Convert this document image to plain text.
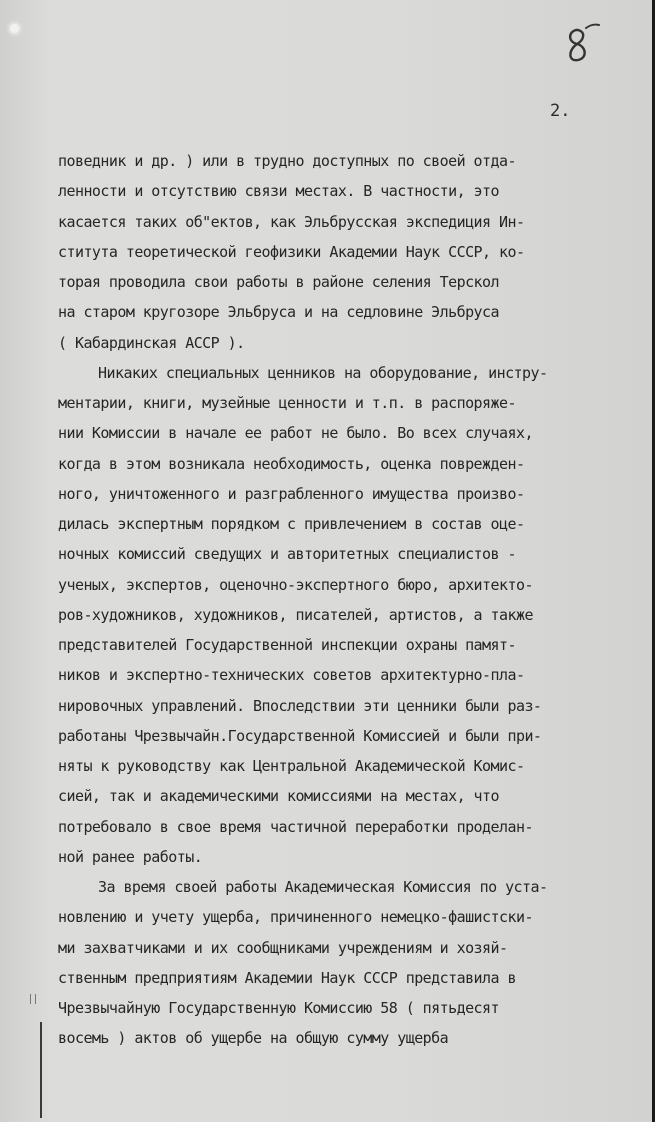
2.
поведник и др. ) или в трудно доступных по своей отда-
ленности и отсутствию связи местах. В частности, это
касается таких об"ектов, как Эльбрусская экспедиция Ин-
ститута теоретической геофизики Академии Наук СССР, ко-
торая проводила свои работы в районе селения Терскол
на старом кругозоре Эльбруса и на седловине Эльбруса
( Кабардинская АССР ).
Никаких специальных ценников на оборудование, инстру-
ментарии, книги, музейные ценности и т.п. в распоряже-
нии Комиссии в начале ее работ не было. Во всех случаях,
когда в этом возникала необходимость, оценка поврежден-
ного, уничтоженного и разграбленного имущества произво-
дилась экспертным порядком с привлечением в состав оце-
ночных комиссий сведущих и авторитетных специалистов -
ученых, экспертов, оценочно-экспертного бюро, архитекто-
ров-художников, художников, писателей, артистов, а также
представителей Государственной инспекции охраны памят-
ников и экспертно-технических советов архитектурно-пла-
нировочных управлений. Впоследствии эти ценники были раз-
работаны Чрезвычайн.Государственной Комиссией и были при-
няты к руководству как Центральной Академической Комис-
сией, так и академическими комиссиями на местах, что
потребовало в свое время частичной переработки проделан-
ной ранее работы.
За время своей работы Академическая Комиссия по уста-
новлению и учету ущерба, причиненного немецко-фашистски-
ми захватчиками и их сообщниками учреждениям и хозяй-
ственным предприятиям Академии Наук СССР представила в
Чрезвычайную Государственную Комиссию 58 ( пятьдесят
восемь ) актов об ущербе на общую сумму ущерба
